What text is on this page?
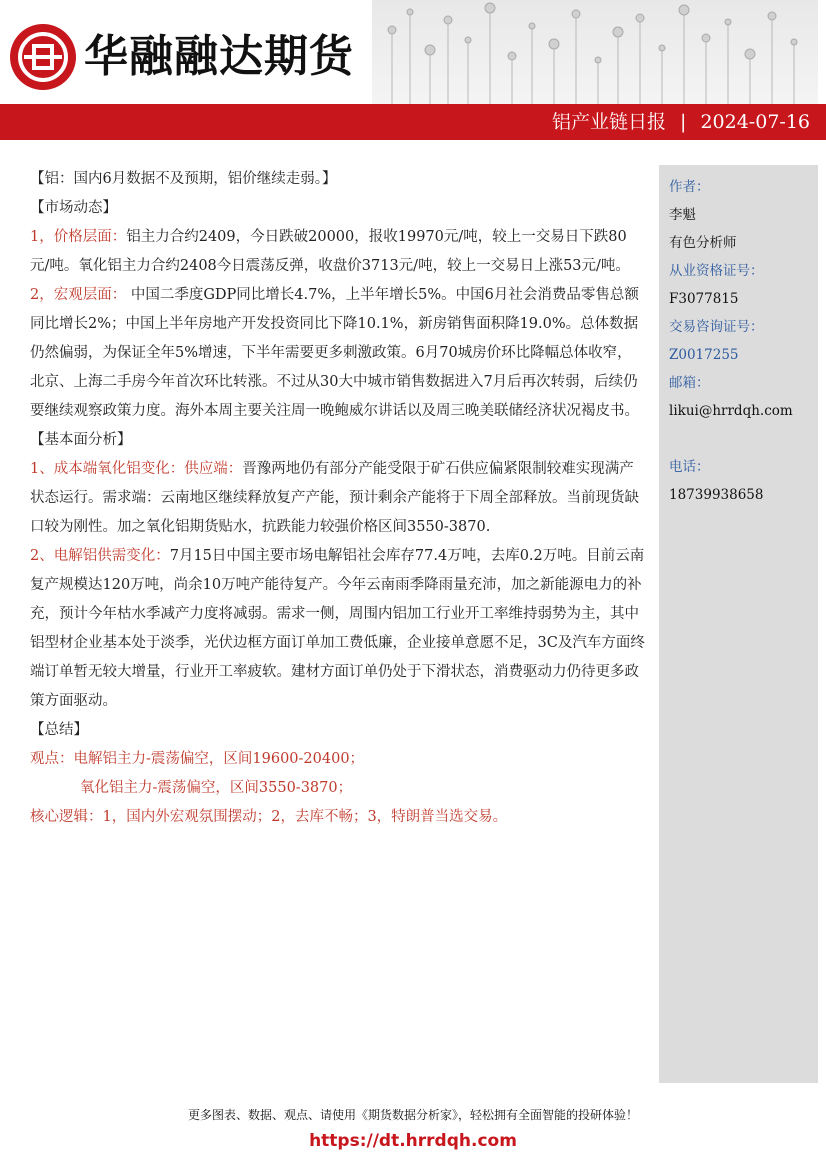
华融融达期货
铝产业链日报 | 2024-07-16
作者：
李魁
有色分析师
从业资格证号：
F3077815
交易咨询证号：
Z0017255
邮箱：
likui@hrrdqh.com
电话：
18739938658

【铝：国内6月数据不及预期，铝价继续走弱。】

【市场动态】

1，价格层面：铝主力合约2409，今日跌破20000，报收19970元/吨，较上一交易日下跌80元/吨。氧化铝主力合约2408今日震荡反弹，收盘价3713元/吨，较上一交易日上涨53元/吨。

2，宏观层面： 中国二季度GDP同比增长4.7%，上半年增长5%。中国6月社会消费品零售总额同比增长2%；中国上半年房地产开发投资同比下降10.1%，新房销售面积降19.0%。总体数据仍然偏弱，为保证全年5%增速，下半年需要更多刺激政策。6月70城房价环比降幅总体收窄，北京、上海二手房今年首次环比转涨。不过从30大中城市销售数据进入7月后再次转弱，后续仍要继续观察政策力度。海外本周主要关注周一晚鲍威尔讲话以及周三晚美联储经济状况褐皮书。

【基本面分析】

1、成本端氧化铝变化：供应端：晋豫两地仍有部分产能受限于矿石供应偏紧限制较难实现满产状态运行。需求端：云南地区继续释放复产产能，预计剩余产能将于下周全部释放。当前现货缺口较为刚性。加之氧化铝期货贴水，抗跌能力较强价格区间3550-3870.

2、电解铝供需变化：7月15日中国主要市场电解铝社会库存77.4万吨，去库0.2万吨。目前云南复产规模达120万吨，尚余10万吨产能待复产。今年云南雨季降雨量充沛，加之新能源电力的补充，预计今年枯水季减产力度将减弱。需求一侧，周围内铝加工行业开工率维持弱势为主，其中铝型材企业基本处于淡季，光伏边框方面订单加工费低廉，企业接单意愿不足，3C及汽车方面终端订单暂无较大增量，行业开工率疲软。建材方面订单仍处于下滑状态，消费驱动力仍待更多政策方面驱动。

【总结】

观点：电解铝主力-震荡偏空，区间19600-20400；

氧化铝主力-震荡偏空，区间3550-3870；

核心逻辑：1，国内外宏观氛围摆动；2，去库不畅；3，特朗普当选交易。

更多图表、数据、观点、请使用《期货数据分析家》，轻松拥有全面智能的投研体验！
https://dt.hrrdqh.com
